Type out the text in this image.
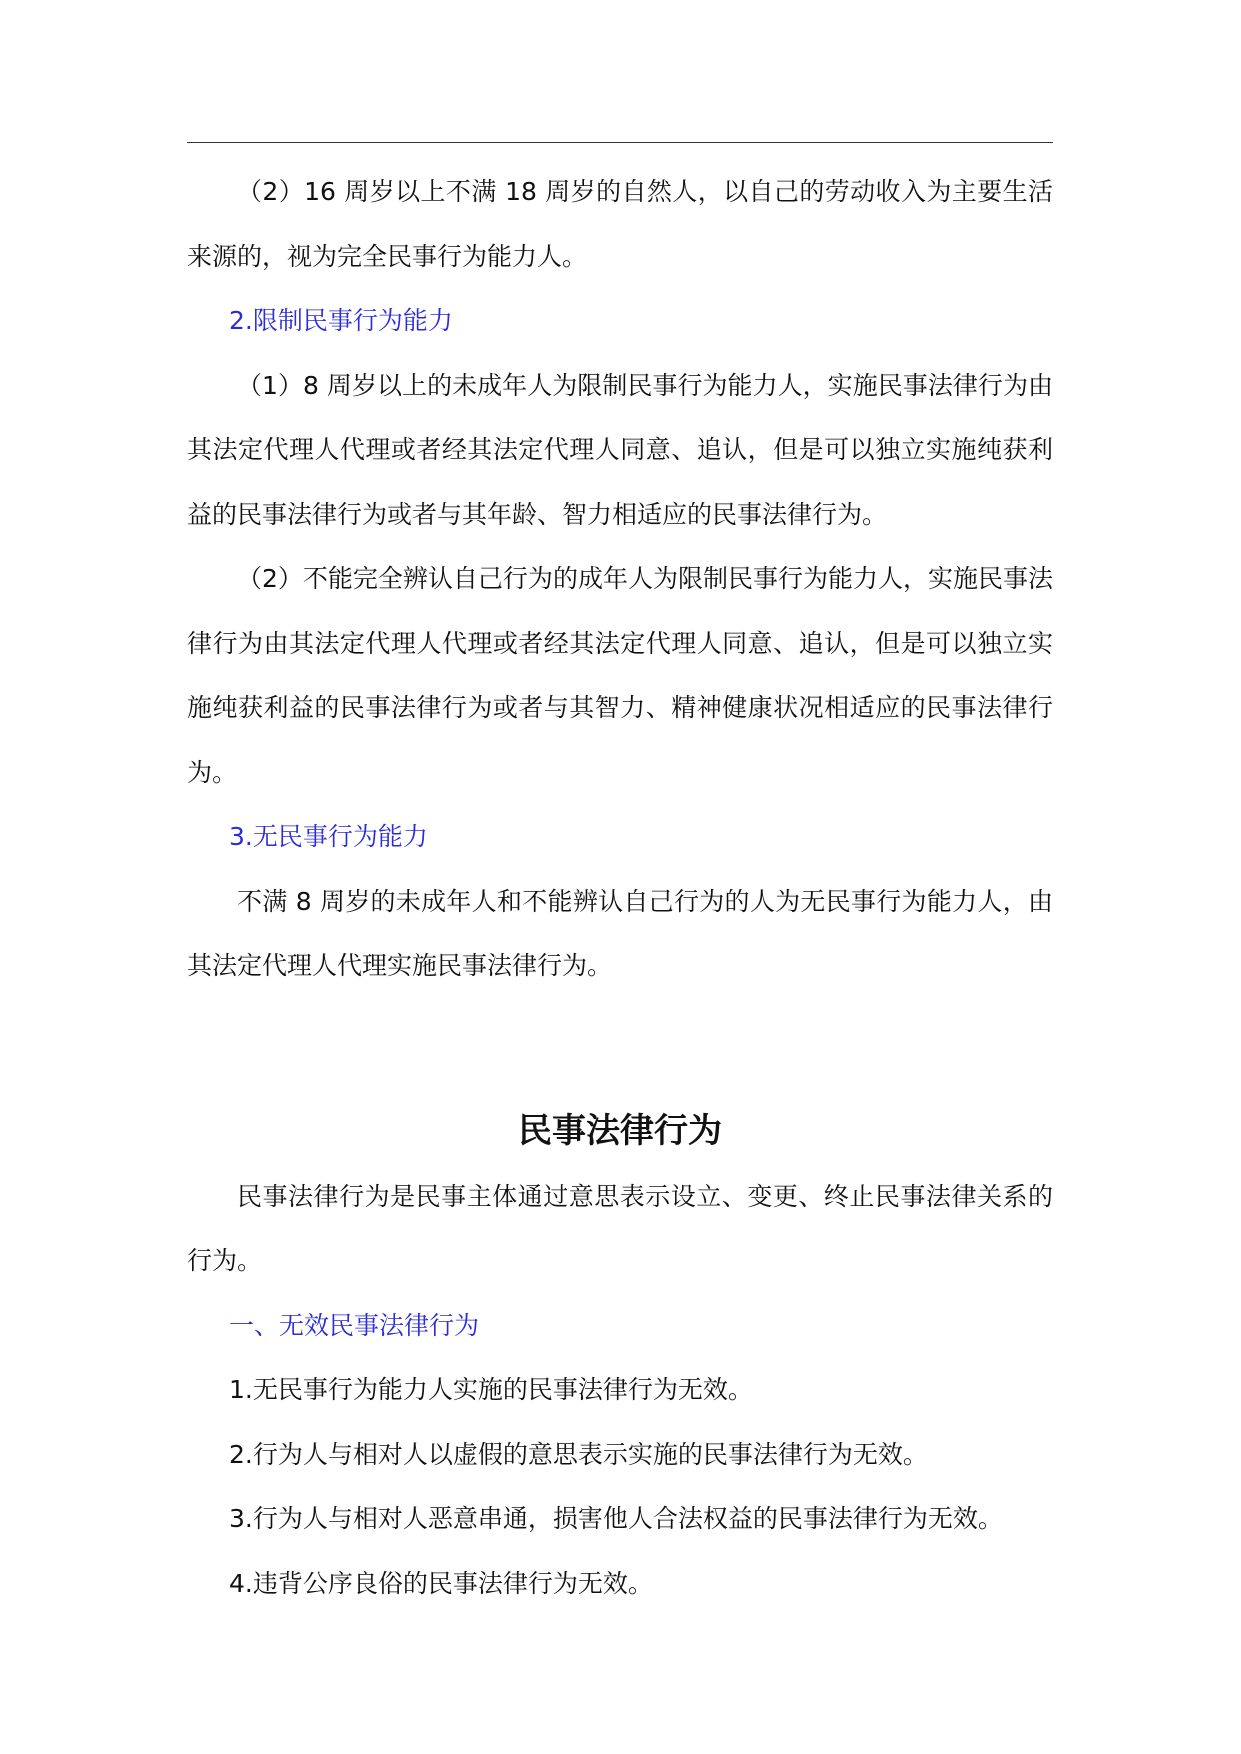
（2）16 周岁以上不满 18 周岁的自然人，以自己的劳动收入为主要生活来源的，视为完全民事行为能力人。

2.限制民事行为能力

（1）8 周岁以上的未成年人为限制民事行为能力人，实施民事法律行为由其法定代理人代理或者经其法定代理人同意、追认，但是可以独立实施纯获利益的民事法律行为或者与其年龄、智力相适应的民事法律行为。

（2）不能完全辨认自己行为的成年人为限制民事行为能力人，实施民事法律行为由其法定代理人代理或者经其法定代理人同意、追认，但是可以独立实施纯获利益的民事法律行为或者与其智力、精神健康状况相适应的民事法律行为。

3.无民事行为能力

不满 8 周岁的未成年人和不能辨认自己行为的人为无民事行为能力人，由其法定代理人代理实施民事法律行为。

民事法律行为

民事法律行为是民事主体通过意思表示设立、变更、终止民事法律关系的行为。

一、无效民事法律行为

1.无民事行为能力人实施的民事法律行为无效。

2.行为人与相对人以虚假的意思表示实施的民事法律行为无效。

3.行为人与相对人恶意串通，损害他人合法权益的民事法律行为无效。

4.违背公序良俗的民事法律行为无效。
